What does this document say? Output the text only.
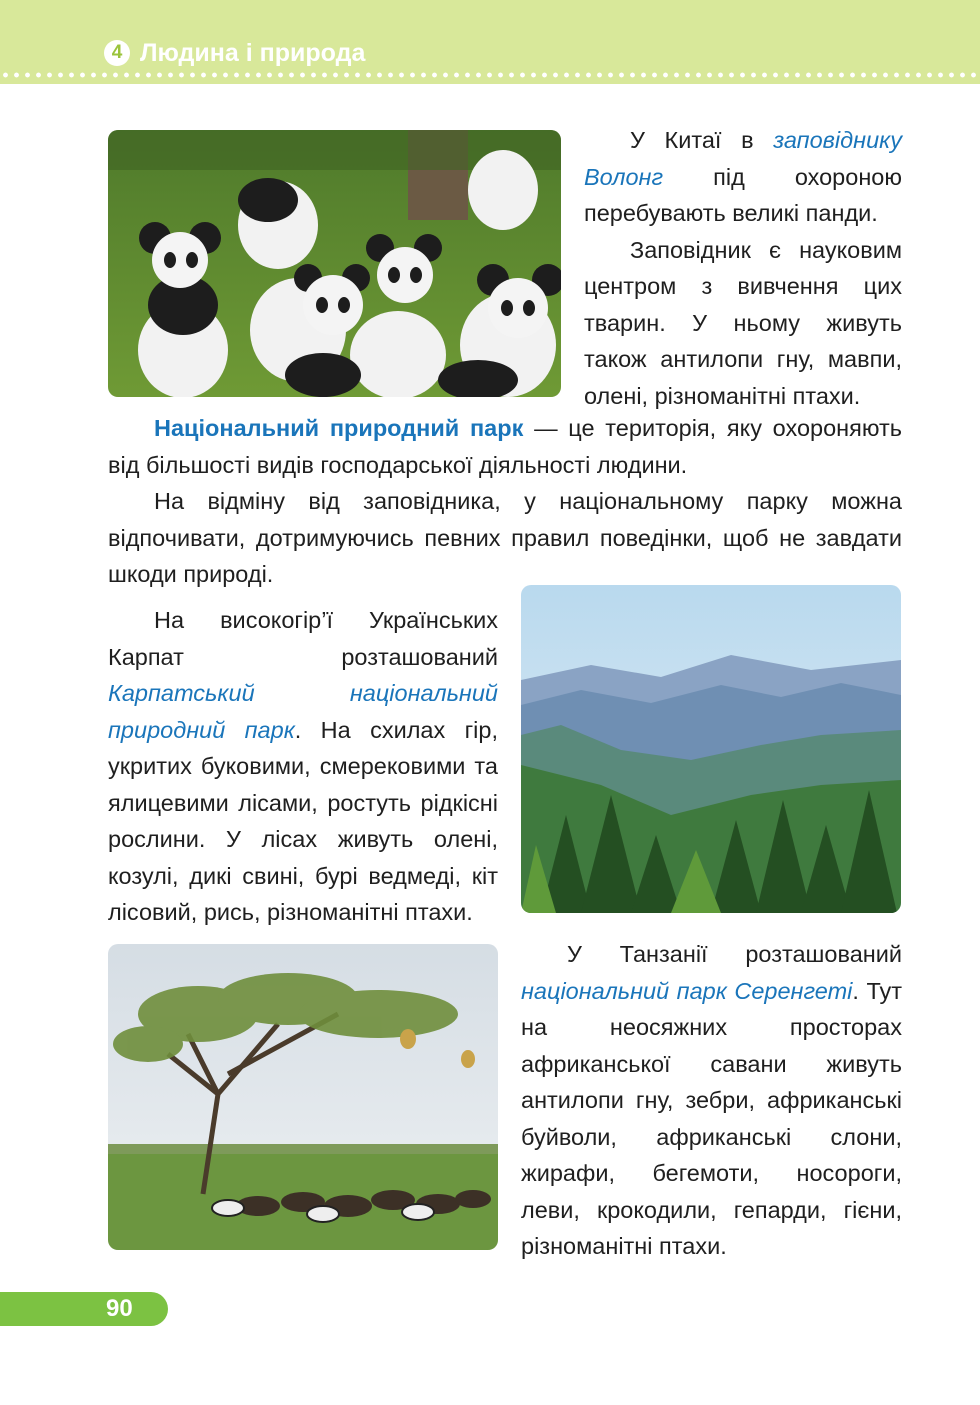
4 Людина і природа

У Китаї в заповіднику Волонг під охороною перебувають великі панди.

Заповідник є науковим центром з вивчення цих тварин. У ньому живуть також антилопи гну, мавпи, олені, різноманітні птахи.

Національний природний парк — це територія, яку охороняють від більшості видів господарської діяльності людини.

На відміну від заповідника, у національному парку можна відпочивати, дотримуючись певних правил поведінки, щоб не завдати шкоди природі.

На високогір’ї Українських Карпат розташований Карпатський національний природний парк. На схилах гір, укритих буковими, смерековими та ялицевими лісами, ростуть рідкісні рослини. У лісах живуть олені, козулі, дикі свині, бурі ведмеді, кіт лісовий, рись, різноманітні птахи.

У Танзанії розташований національний парк Серенгеті. Тут на неосяжних просторах африканської савани живуть антилопи гну, зебри, африканські буйволи, африканські слони, жирафи, бегемоти, носороги, леви, крокодили, гепарди, гієни, різноманітні птахи.

90
